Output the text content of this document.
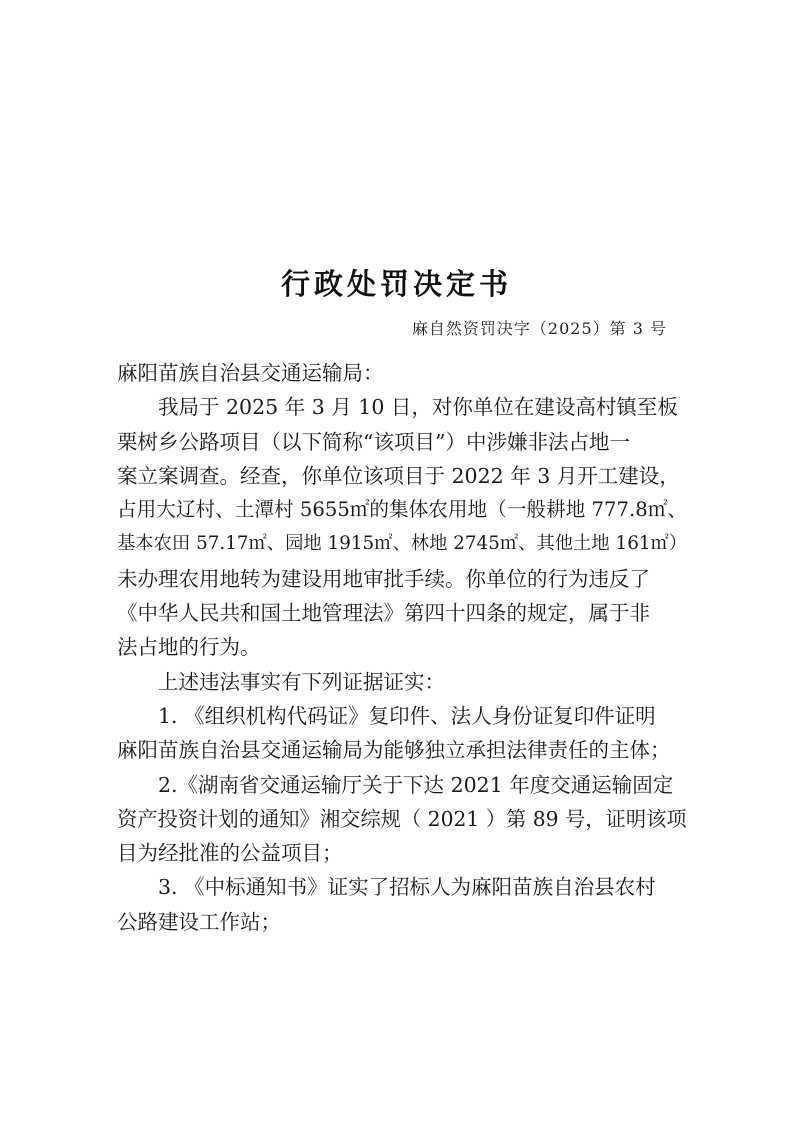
行政处罚决定书
麻自然资罚决字（2025）第 3 号
麻阳苗族自治县交通运输局：
我局于 2025 年 3 月 10 日，对你单位在建设高村镇至板
栗树乡公路项目（以下简称“该项目”）中涉嫌非法占地一
案立案调查。经查，你单位该项目于 2022 年 3 月开工建设，
占用大辽村、土潭村 5655㎡的集体农用地（一般耕地 777.8㎡、
基本农田 57.17㎡、园地 1915㎡、林地 2745㎡、其他土地 161㎡）
未办理农用地转为建设用地审批手续。你单位的行为违反了
《中华人民共和国土地管理法》第四十四条的规定，属于非
法占地的行为。
上述违法事实有下列证据证实：
1. 《组织机构代码证》复印件、法人身份证复印件证明
麻阳苗族自治县交通运输局为能够独立承担法律责任的主体；
2.《湖南省交通运输厅关于下达 2021 年度交通运输固定
资产投资计划的通知》湘交综规（ 2021 ）第 89 号，证明该项
目为经批准的公益项目；
3. 《中标通知书》证实了招标人为麻阳苗族自治县农村
公路建设工作站；
